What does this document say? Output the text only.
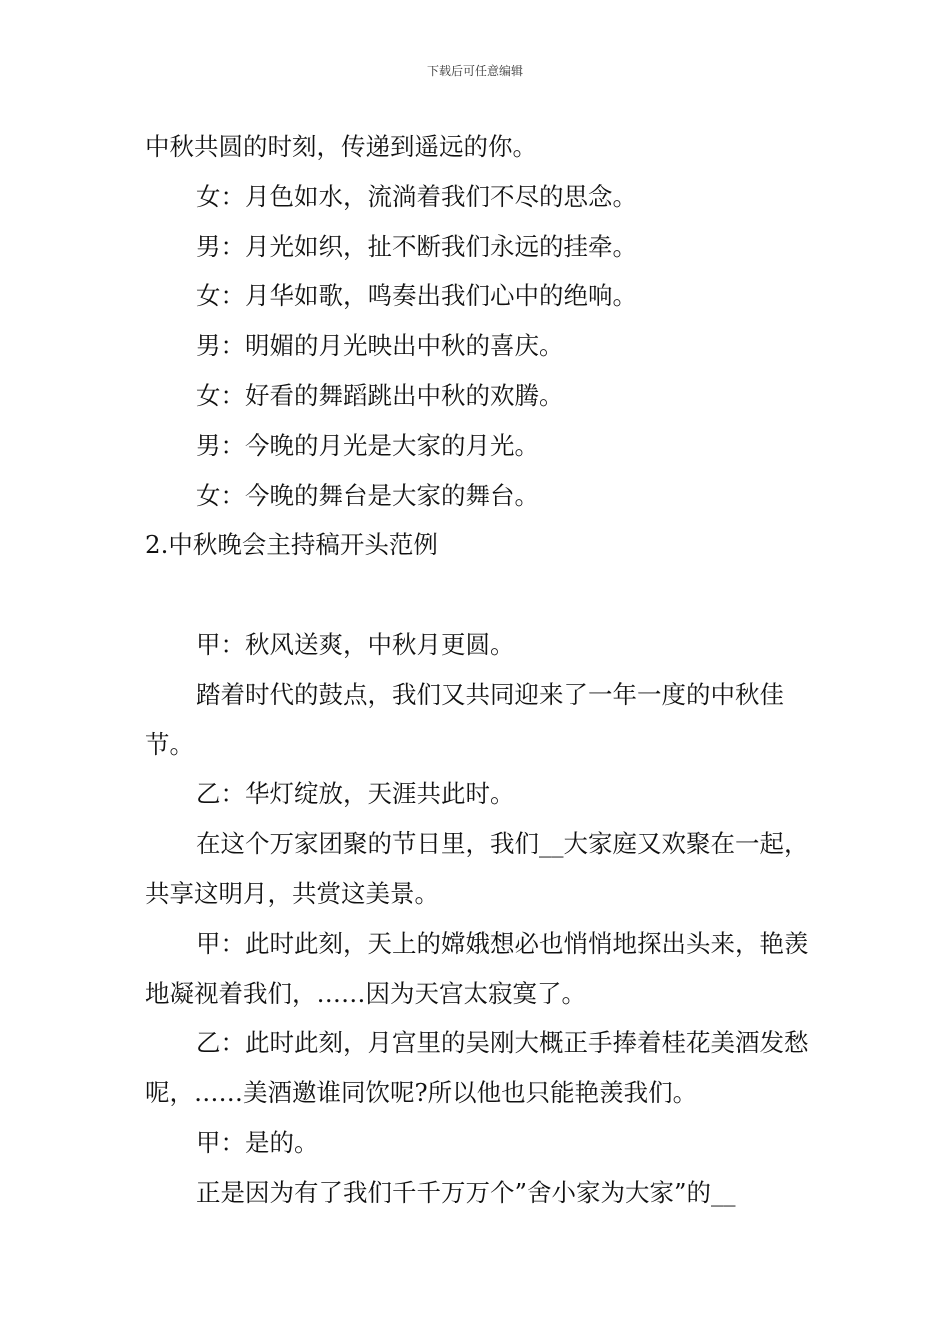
下载后可任意编辑

中秋共圆的时刻，传递到遥远的你。

女：月色如水，流淌着我们不尽的思念。

男：月光如织，扯不断我们永远的挂牵。

女：月华如歌，鸣奏出我们心中的绝响。

男：明媚的月光映出中秋的喜庆。

女：好看的舞蹈跳出中秋的欢腾。

男：今晚的月光是大家的月光。

女：今晚的舞台是大家的舞台。

2.中秋晚会主持稿开头范例

甲：秋风送爽，中秋月更圆。

踏着时代的鼓点，我们又共同迎来了一年一度的中秋佳节。

乙：华灯绽放，天涯共此时。

在这个万家团聚的节日里，我们__大家庭又欢聚在一起，共享这明月，共赏这美景。

甲：此时此刻，天上的嫦娥想必也悄悄地探出头来，艳羡地凝视着我们，……因为天宫太寂寞了。

乙：此时此刻，月宫里的吴刚大概正手捧着桂花美酒发愁呢，……美酒邀谁同饮呢?所以他也只能艳羡我们。

甲：是的。

正是因为有了我们千千万万个”舍小家为大家”的__
